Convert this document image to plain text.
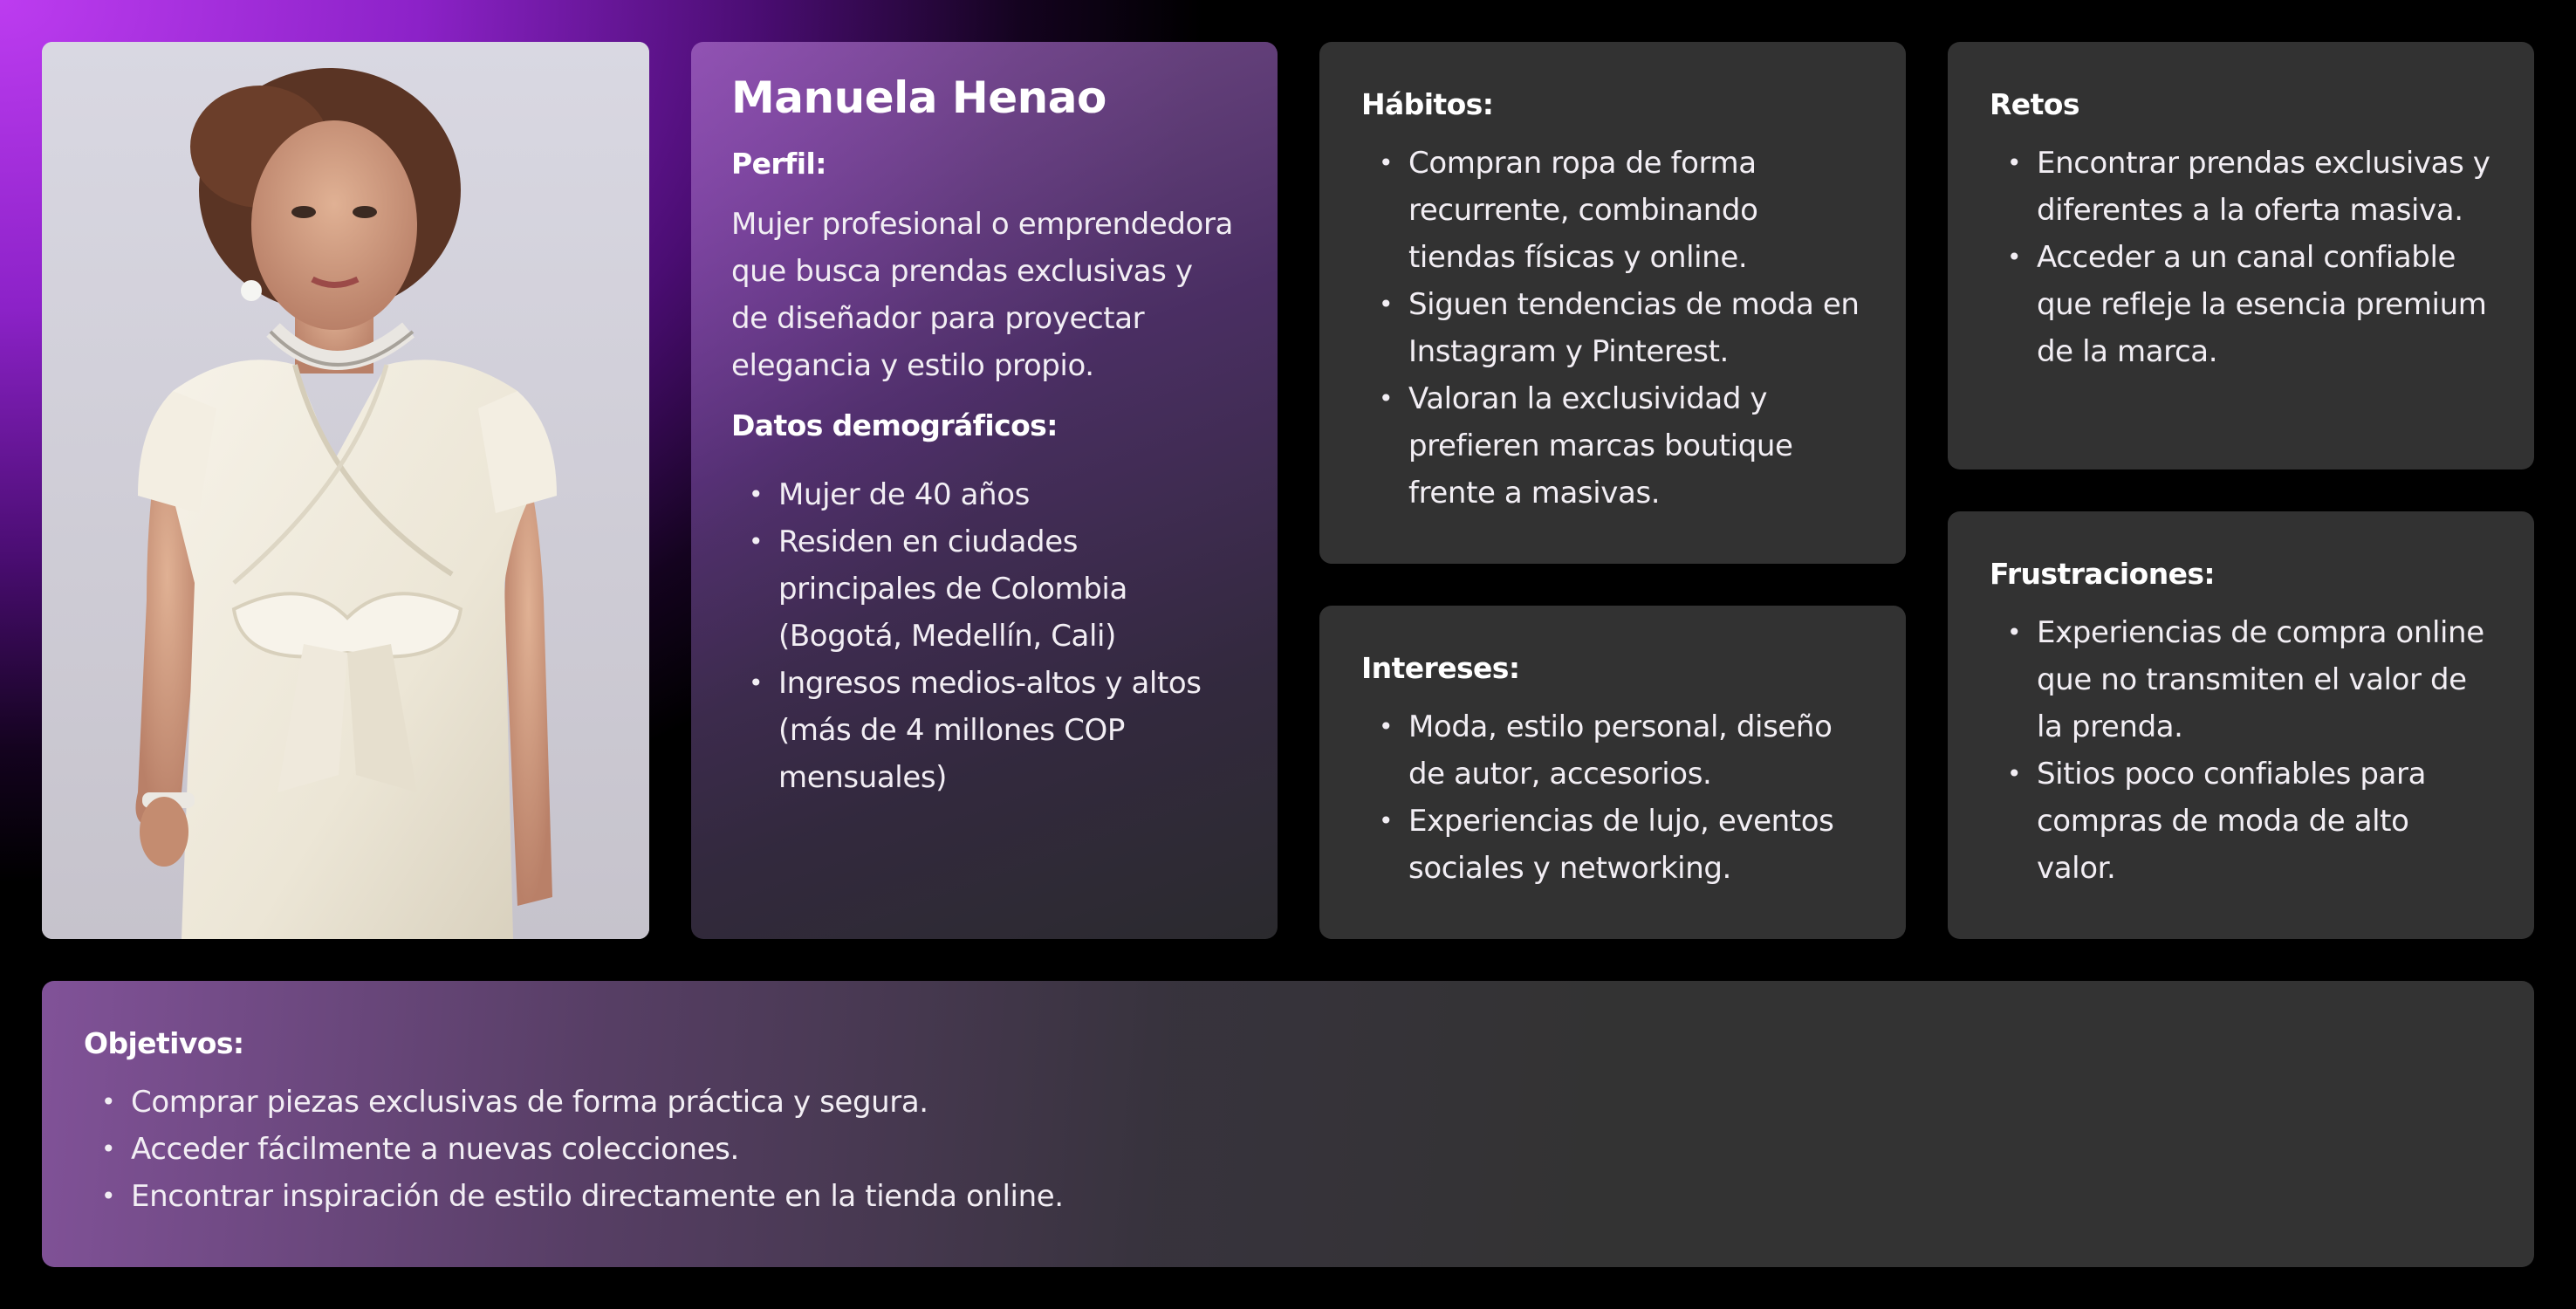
Manuela Henao
Perfil:

Mujer profesional o emprendedora que busca prendas exclusivas y de diseñador para proyectar elegancia y estilo propio.

Datos demográficos:
• Mujer de 40 años
• Residen en ciudades principales de Colombia (Bogotá, Medellín, Cali)
• Ingresos medios-altos y altos (más de 4 millones COP mensuales)
Hábitos:
• Compran ropa de forma recurrente, combinando tiendas físicas y online.
• Siguen tendencias de moda en Instagram y Pinterest.
• Valoran la exclusividad y prefieren marcas boutique frente a masivas.
Intereses:
• Moda, estilo personal, diseño de autor, accesorios.
• Experiencias de lujo, eventos sociales y networking.
Retos
• Encontrar prendas exclusivas y diferentes a la oferta masiva.
• Acceder a un canal confiable que refleje la esencia premium de la marca.
Frustraciones:
• Experiencias de compra online que no transmiten el valor de la prenda.
• Sitios poco confiables para compras de moda de alto valor.
Objetivos:
• Comprar piezas exclusivas de forma práctica y segura.
• Acceder fácilmente a nuevas colecciones.
• Encontrar inspiración de estilo directamente en la tienda online.
